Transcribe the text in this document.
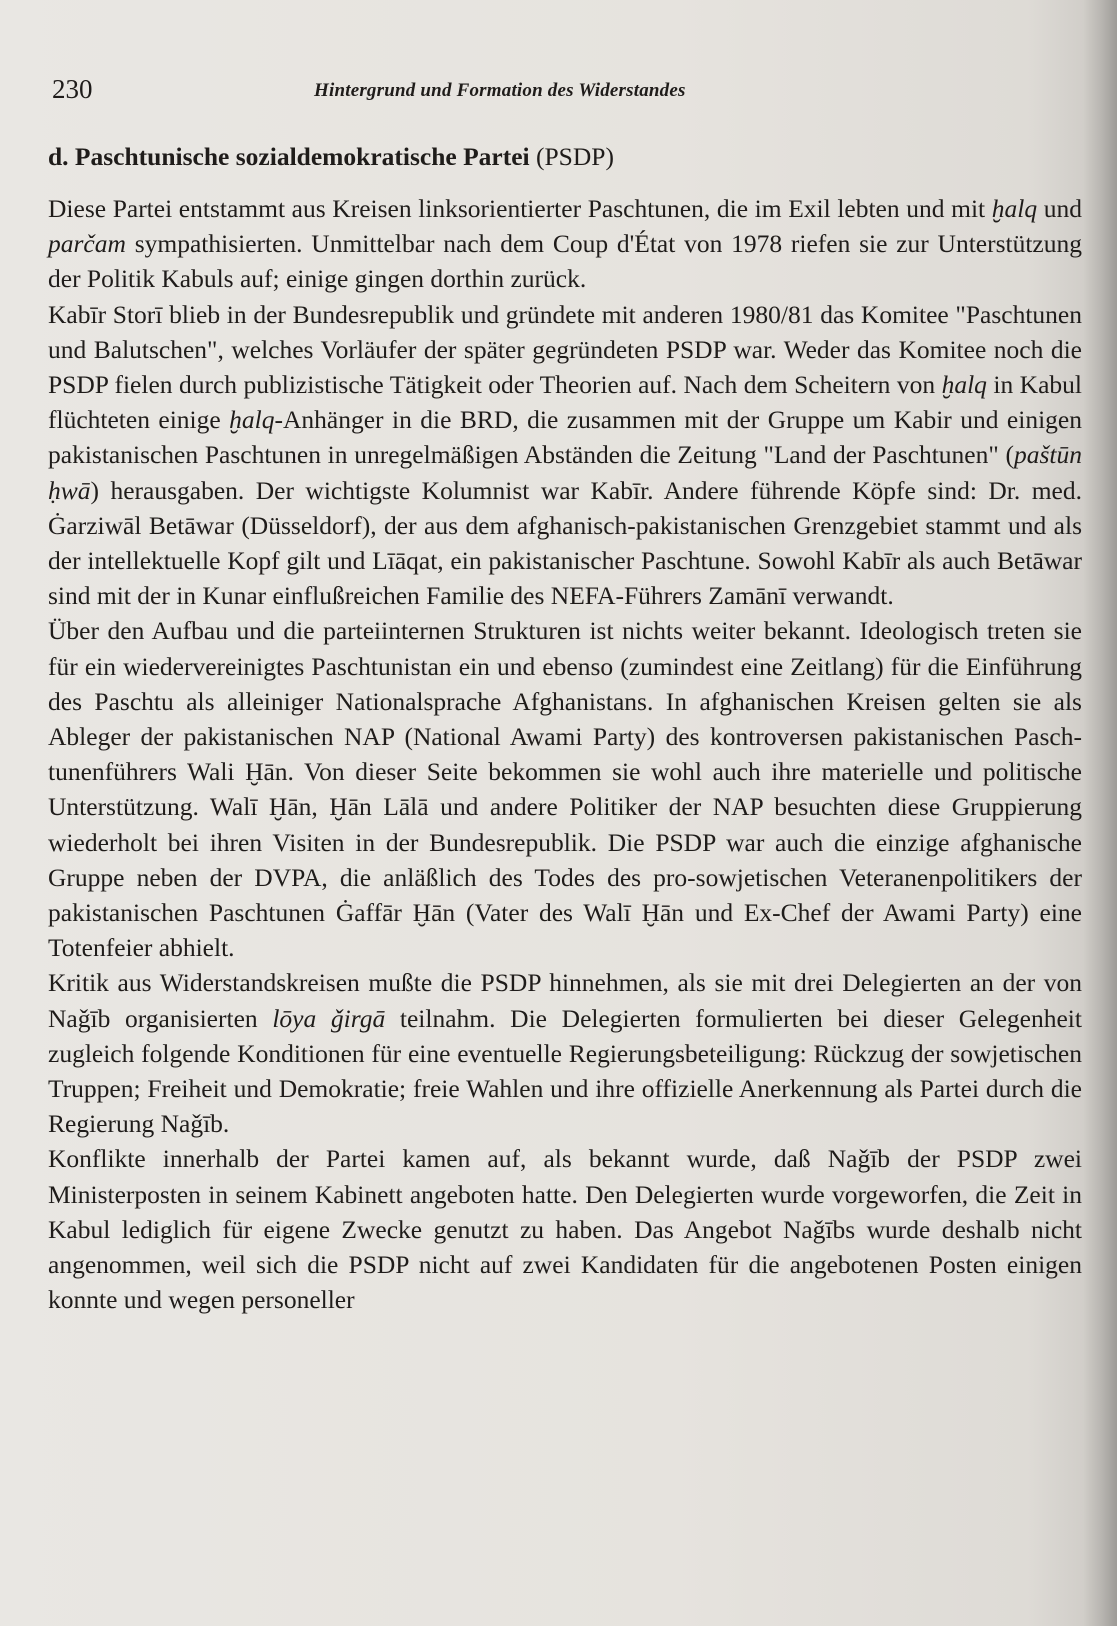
230	Hintergrund und Formation des Widerstandes
d. Paschtunische sozialdemokratische Partei (PSDP)

Diese Partei entstammt aus Kreisen linksorientierter Paschtunen, die im Exil lebten und mit ḫalq und parčam sympathisierten. Unmittelbar nach dem Coup d'État von 1978 riefen sie zur Unterstützung der Politik Kabuls auf; einige gingen dorthin zurück.

Kabīr Storī blieb in der Bundesrepublik und gründete mit anderen 1980/81 das Komitee "Paschtunen und Balutschen", welches Vorläufer der später gegründeten PSDP war. Weder das Komitee noch die PSDP fielen durch publizistische Tätigkeit oder Theorien auf. Nach dem Scheitern von ḫalq in Kabul flüchteten einige ḫalq-Anhänger in die BRD, die zusammen mit der Gruppe um Kabir und einigen pakistanischen Paschtunen in unregelmäßigen Abständen die Zeitung "Land der Paschtunen" (paštūn ḥwā) herausgaben. Der wichtigste Kolumnist war Kabīr. Andere führende Köpfe sind: Dr. med. Ġarziwāl Betāwar (Düsseldorf), der aus dem afghanisch-pakistanischen Grenzgebiet stammt und als der intellektuelle Kopf gilt und Līāqat, ein pakistanischer Paschtune. Sowohl Kabīr als auch Betāwar sind mit der in Kunar einflußreichen Familie des NEFA-Führers Zamānī verwandt.

Über den Aufbau und die parteiinternen Strukturen ist nichts weiter bekannt. Ideologisch treten sie für ein wiedervereinigtes Paschtunistan ein und ebenso (zumindest eine Zeitlang) für die Einführung des Paschtu als alleiniger Nationalsprache Afghanistans. In afghanischen Kreisen gelten sie als Ableger der pakistanischen NAP (National Awami Party) des kontroversen pakistanischen Paschtunenführers Wali Ḫān. Von dieser Seite bekommen sie wohl auch ihre materielle und politische Unterstützung. Walī Ḫān, Ḫān Lālā und andere Politiker der NAP besuchten diese Gruppierung wiederholt bei ihren Visiten in der Bundesrepublik. Die PSDP war auch die einzige afghanische Gruppe neben der DVPA, die anläßlich des Todes des pro-sowjetischen Veteranenpolitikers der pakistanischen Paschtunen Ġaffār Ḫān (Vater des Walī Ḫān und Ex-Chef der Awami Party) eine Totenfeier abhielt.

Kritik aus Widerstandskreisen mußte die PSDP hinnehmen, als sie mit drei Delegierten an der von Naǧīb organisierten lōya ǧirgā teilnahm. Die Delegierten formulierten bei dieser Gelegenheit zugleich folgende Konditionen für eine eventuelle Regierungsbeteiligung: Rückzug der sowjetischen Truppen; Freiheit und Demokratie; freie Wahlen und ihre offizielle Anerkennung als Partei durch die Regierung Naǧīb.

Konflikte innerhalb der Partei kamen auf, als bekannt wurde, daß Naǧīb der PSDP zwei Ministerposten in seinem Kabinett angeboten hatte. Den Delegierten wurde vorgeworfen, die Zeit in Kabul lediglich für eigene Zwecke genutzt zu haben. Das Angebot Naǧībs wurde deshalb nicht angenommen, weil sich die PSDP nicht auf zwei Kandidaten für die angebotenen Posten einigen konnte und wegen personeller
